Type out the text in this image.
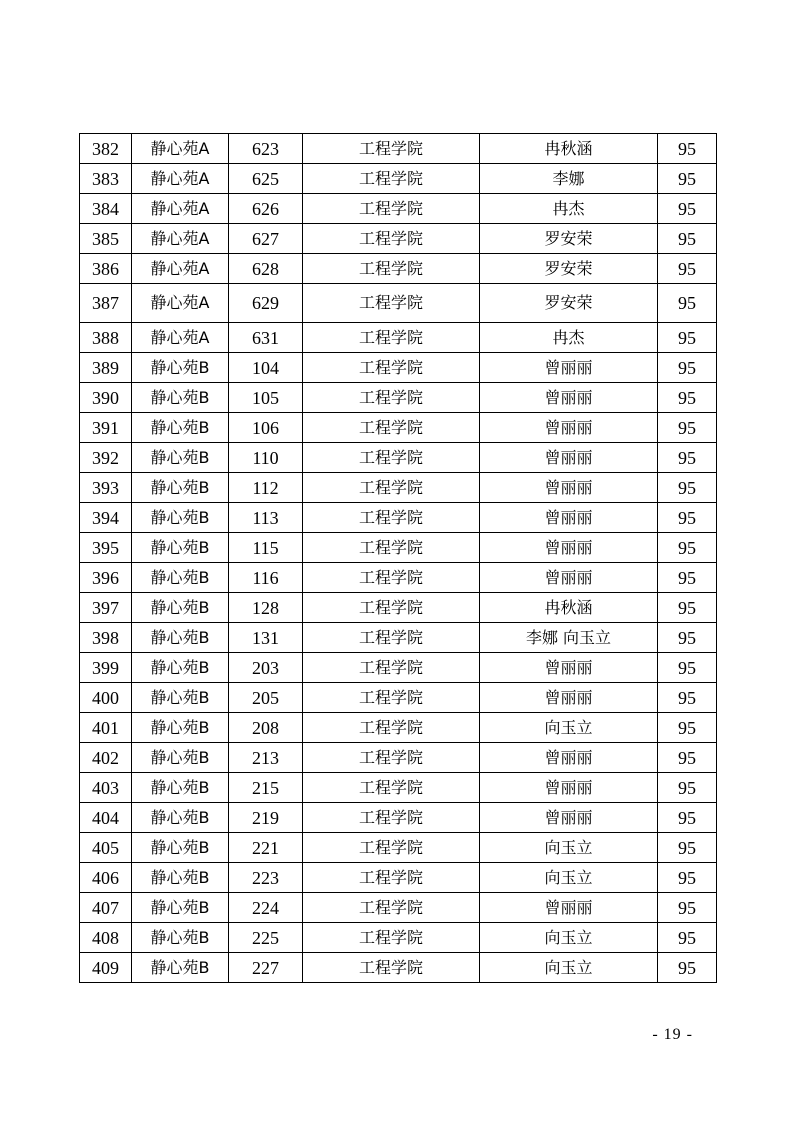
382	静心苑A	623	工程学院	冉秋涵	95
383	静心苑A	625	工程学院	李娜	95
384	静心苑A	626	工程学院	冉杰	95
385	静心苑A	627	工程学院	罗安荣	95
386	静心苑A	628	工程学院	罗安荣	95
387	静心苑A	629	工程学院	罗安荣	95
388	静心苑A	631	工程学院	冉杰	95
389	静心苑B	104	工程学院	曾丽丽	95
390	静心苑B	105	工程学院	曾丽丽	95
391	静心苑B	106	工程学院	曾丽丽	95
392	静心苑B	110	工程学院	曾丽丽	95
393	静心苑B	112	工程学院	曾丽丽	95
394	静心苑B	113	工程学院	曾丽丽	95
395	静心苑B	115	工程学院	曾丽丽	95
396	静心苑B	116	工程学院	曾丽丽	95
397	静心苑B	128	工程学院	冉秋涵	95
398	静心苑B	131	工程学院	李娜 向玉立	95
399	静心苑B	203	工程学院	曾丽丽	95
400	静心苑B	205	工程学院	曾丽丽	95
401	静心苑B	208	工程学院	向玉立	95
402	静心苑B	213	工程学院	曾丽丽	95
403	静心苑B	215	工程学院	曾丽丽	95
404	静心苑B	219	工程学院	曾丽丽	95
405	静心苑B	221	工程学院	向玉立	95
406	静心苑B	223	工程学院	向玉立	95
407	静心苑B	224	工程学院	曾丽丽	95
408	静心苑B	225	工程学院	向玉立	95
409	静心苑B	227	工程学院	向玉立	95
- 19 -
